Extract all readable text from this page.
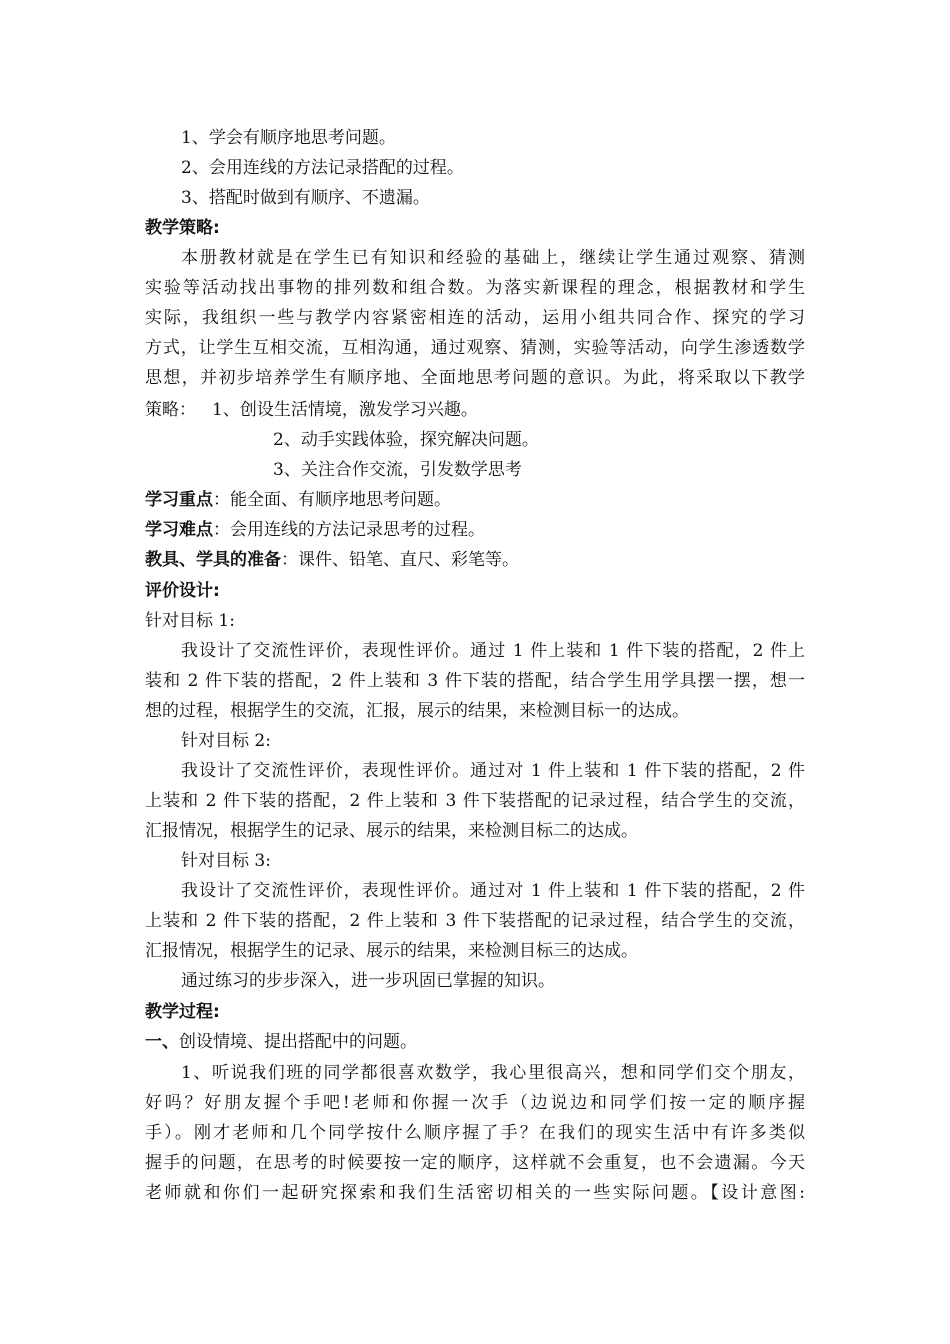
1、学会有顺序地思考问题。
2、会用连线的方法记录搭配的过程。
3、搭配时做到有顺序、不遗漏。
教学策略:
本册教材就是在学生已有知识和经验的基础上，继续让学生通过观察、猜测
实验等活动找出事物的排列数和组合数。为落实新课程的理念，根据教材和学生
实际，我组织一些与教学内容紧密相连的活动，运用小组共同合作、探究的学习
方式，让学生互相交流，互相沟通，通过观察、猜测，实验等活动，向学生渗透数学
思想，并初步培养学生有顺序地、全面地思考问题的意识。为此，将采取以下教学
策略： 1、创设生活情境，激发学习兴趣。
2、动手实践体验，探究解决问题。
3、关注合作交流，引发数学思考
学习重点：能全面、有顺序地思考问题。
学习难点：会用连线的方法记录思考的过程。
教具、学具的准备：课件、铅笔、直尺、彩笔等。
评价设计:
针对目标 1:
我设计了交流性评价，表现性评价。通过 1 件上装和 1 件下装的搭配，2 件上
装和 2 件下装的搭配，2 件上装和 3 件下装的搭配，结合学生用学具摆一摆，想一
想的过程，根据学生的交流，汇报，展示的结果，来检测目标一的达成。
针对目标 2:
我设计了交流性评价，表现性评价。通过对 1 件上装和 1 件下装的搭配，2 件
上装和 2 件下装的搭配，2 件上装和 3 件下装搭配的记录过程，结合学生的交流，
汇报情况，根据学生的记录、展示的结果，来检测目标二的达成。
针对目标 3:
我设计了交流性评价，表现性评价。通过对 1 件上装和 1 件下装的搭配，2 件
上装和 2 件下装的搭配，2 件上装和 3 件下装搭配的记录过程，结合学生的交流，
汇报情况，根据学生的记录、展示的结果，来检测目标三的达成。
通过练习的步步深入，进一步巩固已掌握的知识。
教学过程:
一、创设情境、提出搭配中的问题。
1、听说我们班的同学都很喜欢数学，我心里很高兴，想和同学们交个朋友，
好吗？好朋友握个手吧!老师和你握一次手（边说边和同学们按一定的顺序握
手）。刚才老师和几个同学按什么顺序握了手？在我们的现实生活中有许多类似
握手的问题，在思考的时候要按一定的顺序，这样就不会重复，也不会遗漏。今天
老师就和你们一起研究探索和我们生活密切相关的一些实际问题。【设计意图:
